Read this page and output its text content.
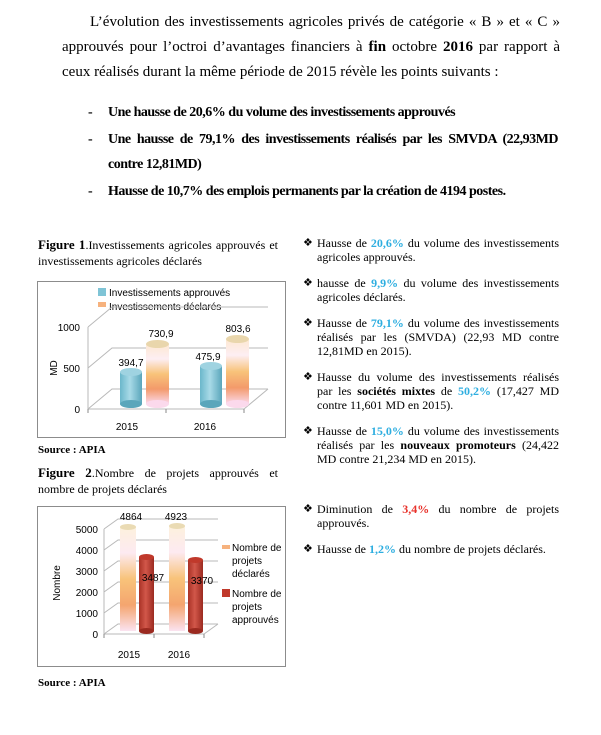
L’évolution des investissements agricoles privés de catégorie « B » et « C » approuvés pour l’octroi d’avantages financiers à fin octobre 2016 par rapport à ceux réalisés durant la même période de 2015 révèle les points suivants :

- Une hausse de 20,6% du volume des investissements approuvés
- Une hausse de 79,1% des investissements réalisés par les SMVDA (22,93MD contre 12,81MD)
- Hausse de 10,7% des emplois permanents par la création de 4194 postes.
Figure 1.Investissements agricoles approuvés et investissements agricoles déclarés
Investissements approuvés
Investissements déclarés
1000
500
0
MD
2015	2016
394,7
730,9
475,9
803,6
Source : APIA
Figure 2.Nombre de projets approuvés et nombre de projets déclarés
5000
4000
3000
2000
1000
0
Nombre
2015	2016
4864 4923
3487	3370
Nombre de
projets
déclarés
Nombre de
projets
approuvés
Source : APIA
❖ Hausse de 20,6% du volume des investissements agricoles approuvés.
❖ hausse de 9,9% du volume des investissements agricoles déclarés.
❖ Hausse de 79,1% du volume des investissements réalisés par les (SMVDA) (22,93 MD contre 12,81MD en 2015).
❖ Hausse du volume des investissements réalisés par les sociétés mixtes de 50,2% (17,427 MD contre 11,601 MD en 2015).
❖ Hausse de 15,0% du volume des investissements réalisés par les nouveaux promoteurs (24,422 MD contre 21,234 MD en 2015).
❖ Diminution de 3,4% du nombre de projets approuvés.
❖ Hausse de 1,2% du nombre de projets déclarés.
